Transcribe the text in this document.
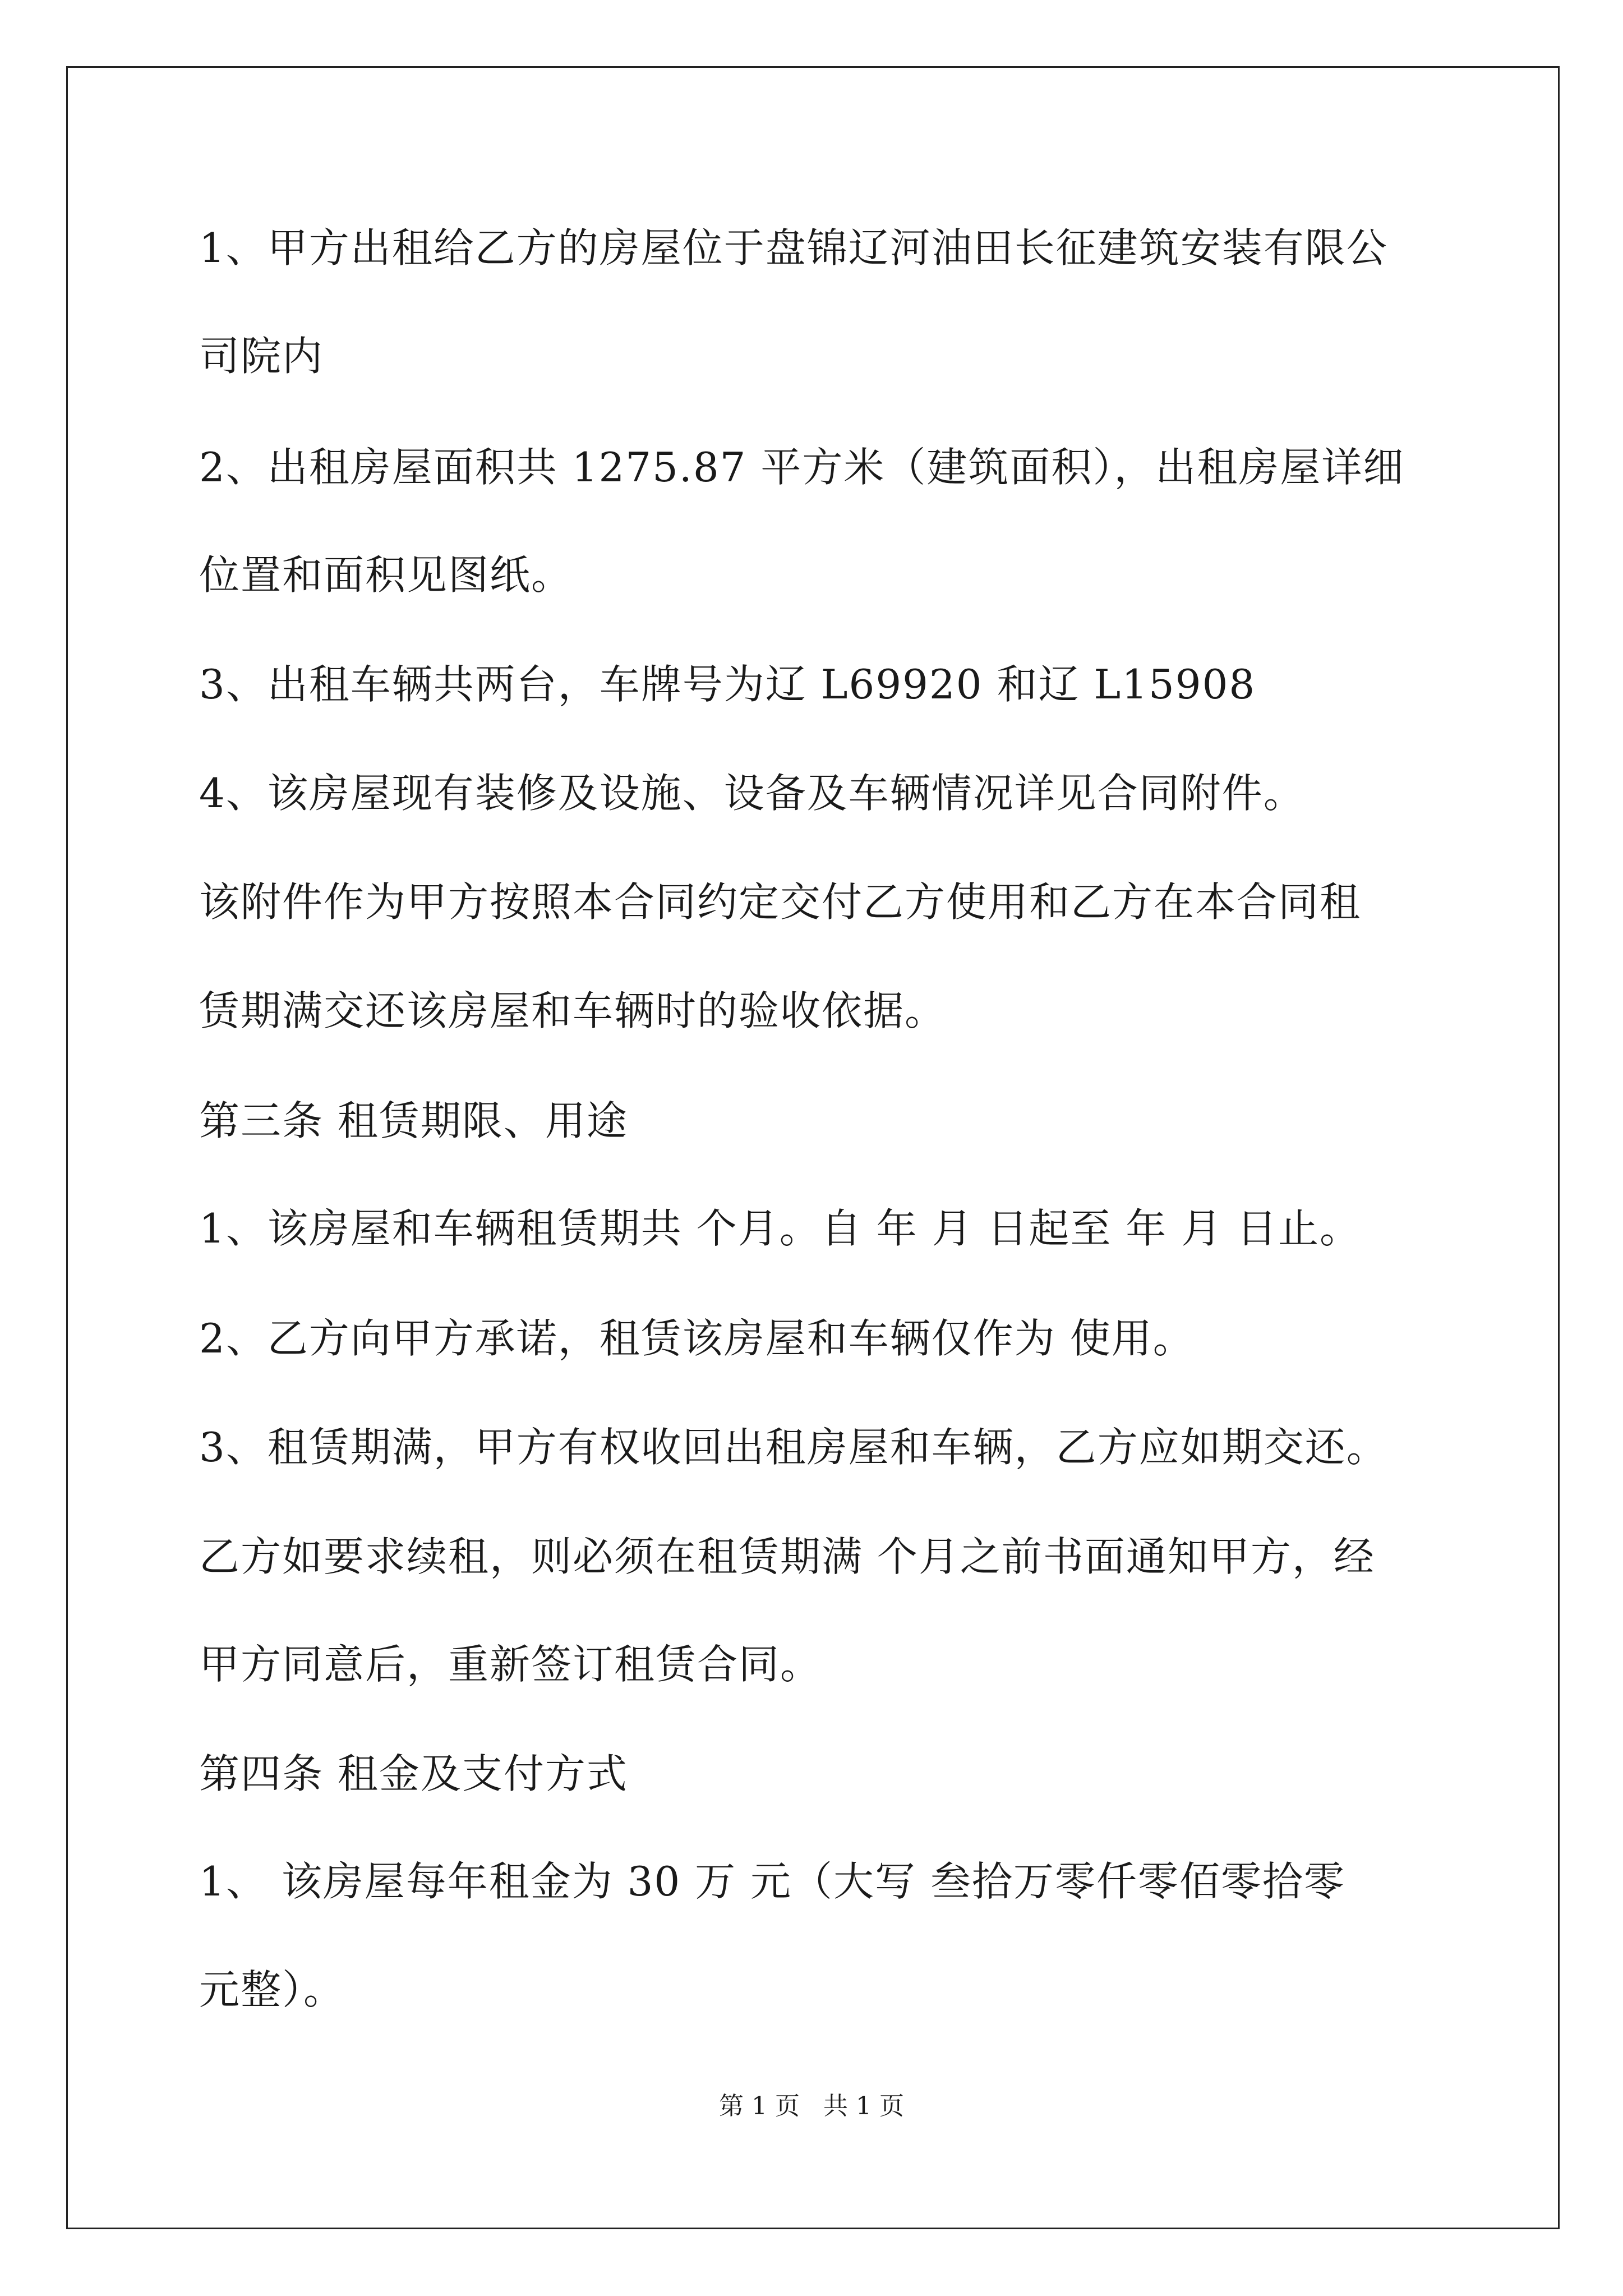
1、甲方出租给乙方的房屋位于盘锦辽河油田长征建筑安装有限公
司院内
2、出租房屋面积共 1275.87 平方米（建筑面积），出租房屋详细
位置和面积见图纸。
3、出租车辆共两台，车牌号为辽 L69920 和辽 L15908
4、该房屋现有装修及设施、设备及车辆情况详见合同附件。
该附件作为甲方按照本合同约定交付乙方使用和乙方在本合同租
赁期满交还该房屋和车辆时的验收依据。
第三条 租赁期限、用途
1、该房屋和车辆租赁期共 个月。自 年 月 日起至 年 月 日止。
2、乙方向甲方承诺，租赁该房屋和车辆仅作为 使用。
3、租赁期满，甲方有权收回出租房屋和车辆，乙方应如期交还。
乙方如要求续租，则必须在租赁期满 个月之前书面通知甲方，经
甲方同意后，重新签订租赁合同。
第四条 租金及支付方式
1、 该房屋每年租金为 30 万 元（大写 叁拾万零仟零佰零拾零
元整）。
第 1 页   共 1 页
